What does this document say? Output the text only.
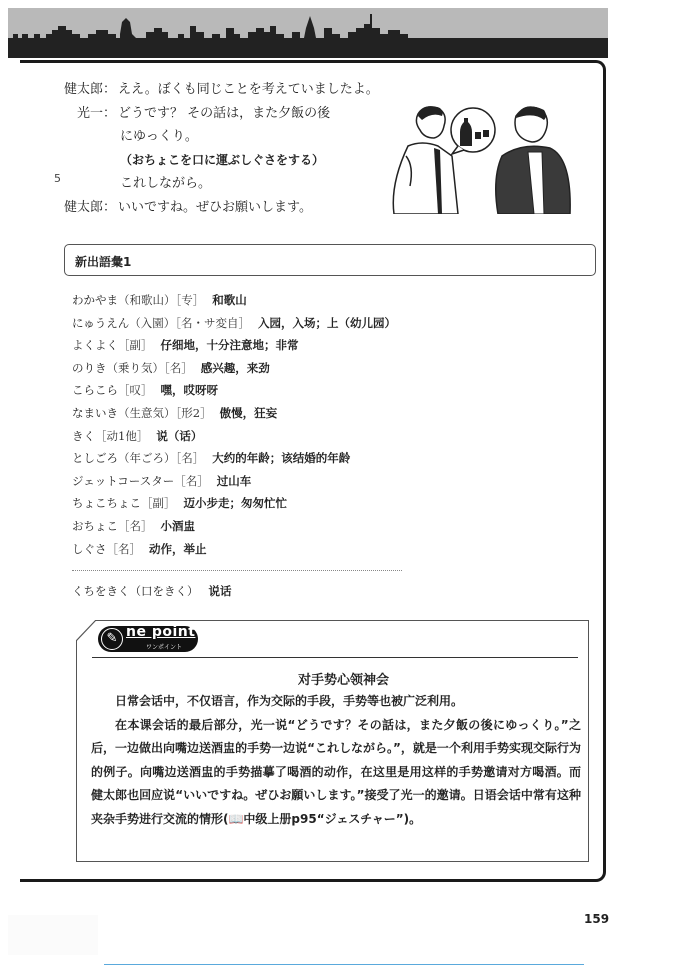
5
健太郎： ええ。ぼくも同じことを考えていましたよ。
光一： どうです？ その話は，また夕飯の後
にゆっくり。
（おちょこを口に運ぶしぐさをする）
これしながら。
健太郎： いいですね。ぜひお願いします。
新出語彙1
わかやま（和歌山）［专］ 和歌山
にゅうえん（入園）［名・サ変自］ 入园，入场；上（幼儿园）
よくよく［副］ 仔细地，十分注意地；非常
のりき（乗り気）［名］ 感兴趣，来劲
こらこら［叹］ 嘿，哎呀呀
なまいき（生意気）［形2］ 傲慢，狂妄
きく［动1他］ 说（话）
としごろ（年ごろ）［名］ 大约的年龄；该结婚的年龄
ジェットコースター［名］ 过山车
ちょこちょこ［副］ 迈小步走；匆匆忙忙
おちょこ［名］ 小酒盅
しぐさ［名］ 动作，举止
くちをきく（口をきく） 说话
✎ ne point
ワンポイント
对手势心领神会

日常会话中，不仅语言，作为交际的手段，手势等也被广泛利用。

在本课会话的最后部分，光一说“どうです？その話は，また夕飯の後にゆっくり。”之后，一边做出向嘴边送酒盅的手势一边说“これしながら。”，就是一个利用手势实现交际行为的例子。向嘴边送酒盅的手势描摹了喝酒的动作，在这里是用这样的手势邀请对方喝酒。而健太郎也回应说“いいですね。ぜひお願いします。”接受了光一的邀请。日语会话中常有这种夹杂手势进行交流的情形(📖中级上册p95“ジェスチャー”)。

159
